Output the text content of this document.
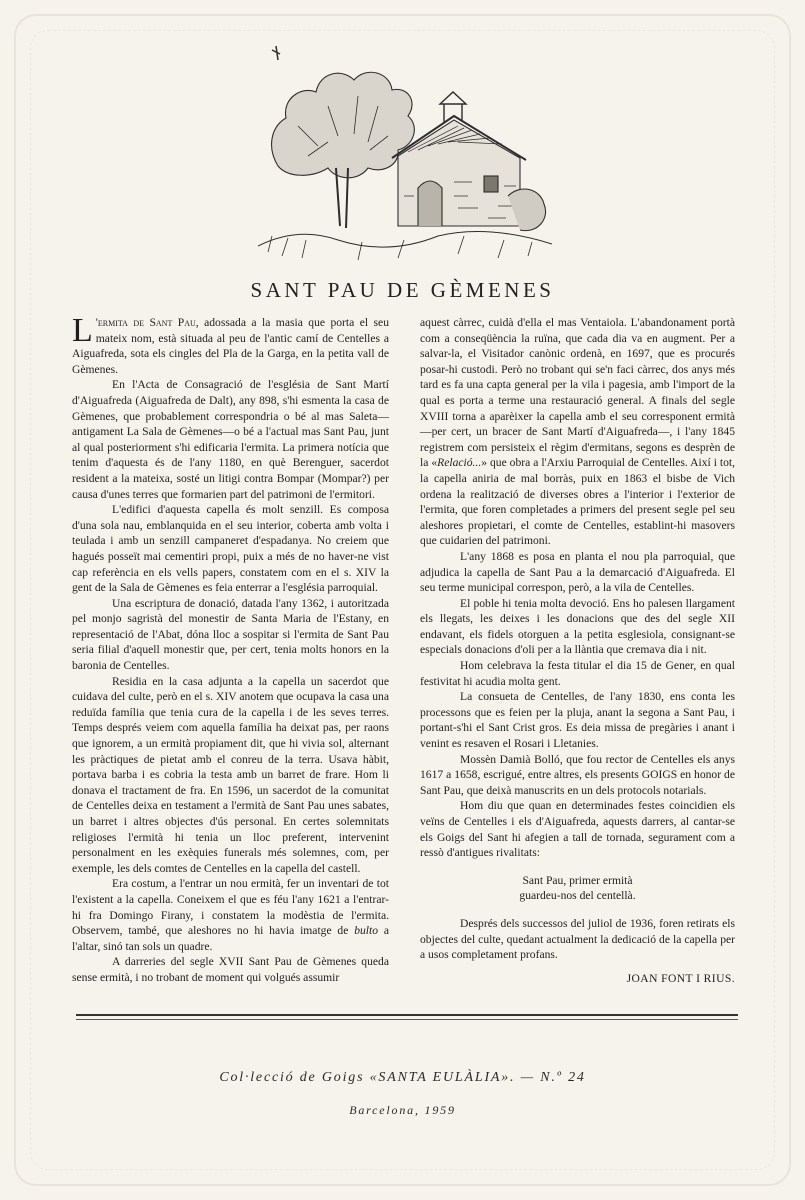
SANT PAU DE GÈMENES

L 'ermita de Sant Pau, adossada a la masia que porta el seu mateix nom, està situada al peu de l'antic camí de Centelles a Aiguafreda, sota els cingles del Pla de la Garga, en la petita vall de Gèmenes.

En l'Acta de Consagració de l'església de Sant Martí d'Aiguafreda (Aiguafreda de Dalt), any 898, s'hi esmenta la casa de Gèmenes, que probablement correspondria o bé al mas Saleta—antigament La Sala de Gèmenes—o bé a l'actual mas Sant Pau, junt al qual posteriorment s'hi edificaria l'ermita. La primera notícia que tenim d'aquesta és de l'any 1180, en què Berenguer, sacerdot resident a la mateixa, sosté un litigi contra Bompar (Mompar?) per causa d'unes terres que formarien part del patrimoni de l'ermitori.

L'edifici d'aquesta capella és molt senzill. Es composa d'una sola nau, emblanquida en el seu interior, coberta amb volta i teulada i amb un senzill campaneret d'espadanya. No creiem que hagués posseït mai cementiri propi, puix a més de no haver-ne vist cap referència en els vells papers, constatem com en el s. XIV la gent de la Sala de Gèmenes es feia enterrar a l'església parroquial.

Una escriptura de donació, datada l'any 1362, i autoritzada pel monjo sagristà del monestir de Santa Maria de l'Estany, en representació de l'Abat, dóna lloc a sospitar si l'ermita de Sant Pau seria filial d'aquell monestir que, per cert, tenia molts honors en la baronia de Centelles.

Residia en la casa adjunta a la capella un sacerdot que cuidava del culte, però en el s. XIV anotem que ocupava la casa una reduïda família que tenia cura de la capella i de les seves terres. Temps després veiem com aquella família ha deixat pas, per raons que ignorem, a un ermità propiament dit, que hi vivia sol, alternant les pràctiques de pietat amb el conreu de la terra. Usava hàbit, portava barba i es cobria la testa amb un barret de frare. Hom li donava el tractament de fra. En 1596, un sacerdot de la comunitat de Centelles deixa en testament a l'ermità de Sant Pau unes sabates, un barret i altres objectes d'ús personal. En certes solemnitats religioses l'ermità hi tenia un lloc preferent, intervenint personalment en les exèquies funerals més solemnes, com, per exemple, les dels comtes de Centelles en la capella del castell.

Era costum, a l'entrar un nou ermità, fer un inventari de tot l'existent a la capella. Coneixem el que es féu l'any 1621 a l'entrar-hi fra Domingo Firany, i constatem la modèstia de l'ermita. Observem, també, que aleshores no hi havia imatge de bulto a l'altar, sinó tan sols un quadre.

A darreries del segle XVII Sant Pau de Gèmenes queda sense ermità, i no trobant de moment qui volgués assumir

aquest càrrec, cuidà d'ella el mas Ventaiola. L'abandonament portà com a conseqüència la ruïna, que cada dia va en augment. Per a salvar-la, el Visitador canònic ordenà, en 1697, que es procurés posar-hi custodi. Però no trobant qui se'n faci càrrec, dos anys més tard es fa una capta general per la vila i pagesia, amb l'import de la qual es porta a terme una restauració general. A finals del segle XVIII torna a aparèixer la capella amb el seu corresponent ermità—per cert, un bracer de Sant Martí d'Aiguafreda—, i l'any 1845 registrem com persisteix el règim d'ermitans, segons es desprèn de la «Relació...» que obra a l'Arxiu Parroquial de Centelles. Així i tot, la capella aniria de mal borràs, puix en 1863 el bisbe de Vich ordena la realització de diverses obres a l'interior i l'exterior de l'ermita, que foren completades a primers del present segle pel seu aleshores propietari, el comte de Centelles, establint-hi masovers que cuidarien del patrimoni.

L'any 1868 es posa en planta el nou pla parroquial, que adjudica la capella de Sant Pau a la demarcació d'Aiguafreda. El seu terme municipal correspon, però, a la vila de Centelles.

El poble hi tenia molta devoció. Ens ho palesen llargament els llegats, les deixes i les donacions que des del segle XII endavant, els fidels otorguen a la petita esglesiola, consignant-se especials donacions d'oli per a la llàntia que cremava dia i nit.

Hom celebrava la festa titular el dia 15 de Gener, en qual festivitat hi acudia molta gent.

La consueta de Centelles, de l'any 1830, ens conta les processons que es feien per la pluja, anant la segona a Sant Pau, i portant-s'hi el Sant Crist gros. Es deia missa de pregàries i anant i venint es resaven el Rosari i Lletanies.

Mossèn Damià Bolló, que fou rector de Centelles els anys 1617 a 1658, escrigué, entre altres, els presents GOIGS en honor de Sant Pau, que deixà manuscrits en un dels protocols notarials.

Hom diu que quan en determinades festes coincidien els veïns de Centelles i els d'Aiguafreda, aquests darrers, al cantar-se els Goigs del Sant hi afegien a tall de tornada, segurament com a ressò d'antigues rivalitats:

Sant Pau, primer ermità
guardeu-nos del centellà.

Després dels successos del juliol de 1936, foren retirats els objectes del culte, quedant actualment la dedicació de la capella per a usos completament profans.

JOAN FONT I RIUS.
Col·lecció de Goigs «SANTA EULÀLIA». — N.º 24
Barcelona, 1959
